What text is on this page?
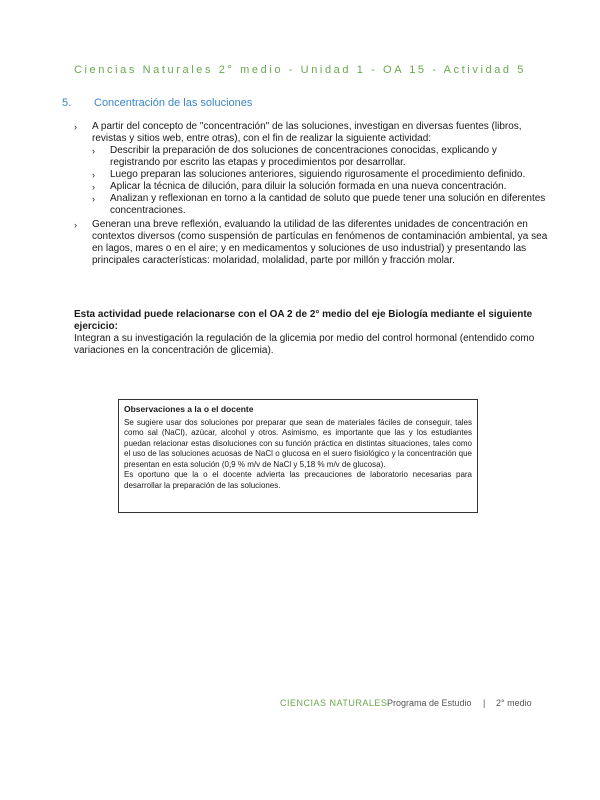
Ciencias Naturales 2° medio - Unidad 1 - OA 15 - Actividad 5
5. Concentración de las soluciones
› A partir del concepto de "concentración" de las soluciones, investigan en diversas fuentes (libros, revistas y sitios web, entre otras), con el fin de realizar la siguiente actividad:
› Describir la preparación de dos soluciones de concentraciones conocidas, explicando y registrando por escrito las etapas y procedimientos por desarrollar.
› Luego preparan las soluciones anteriores, siguiendo rigurosamente el procedimiento definido.
› Aplicar la técnica de dilución, para diluir la solución formada en una nueva concentración.
› Analizan y reflexionan en torno a la cantidad de soluto que puede tener una solución en diferentes concentraciones.
› Generan una breve reflexión, evaluando la utilidad de las diferentes unidades de concentración en contextos diversos (como suspensión de partículas en fenómenos de contaminación ambiental, ya sea en lagos, mares o en el aire; y en medicamentos y soluciones de uso industrial) y presentando las principales características: molaridad, molalidad, parte por millón y fracción molar.
Esta actividad puede relacionarse con el OA 2 de 2° medio del eje Biología mediante el siguiente ejercicio:
Integran a su investigación la regulación de la glicemia por medio del control hormonal (entendido como variaciones en la concentración de glicemia).
Observaciones a la o el docente

Se sugiere usar dos soluciones por preparar que sean de materiales fáciles de conseguir, tales como sal (NaCl), azúcar, alcohol y otros. Asimismo, es importante que las y los estudiantes puedan relacionar estas disoluciones con su función práctica en distintas situaciones, tales como el uso de las soluciones acuosas de NaCl o glucosa en el suero fisiológico y la concentración que presentan en esta solución (0,9 % m/v de NaCl y 5,18 % m/v de glucosa).

Es oportuno que la o el docente advierta las precauciones de laboratorio necesarias para desarrollar la preparación de las soluciones.

CIENCIAS NATURALES Programa de Estudio | 2° medio
